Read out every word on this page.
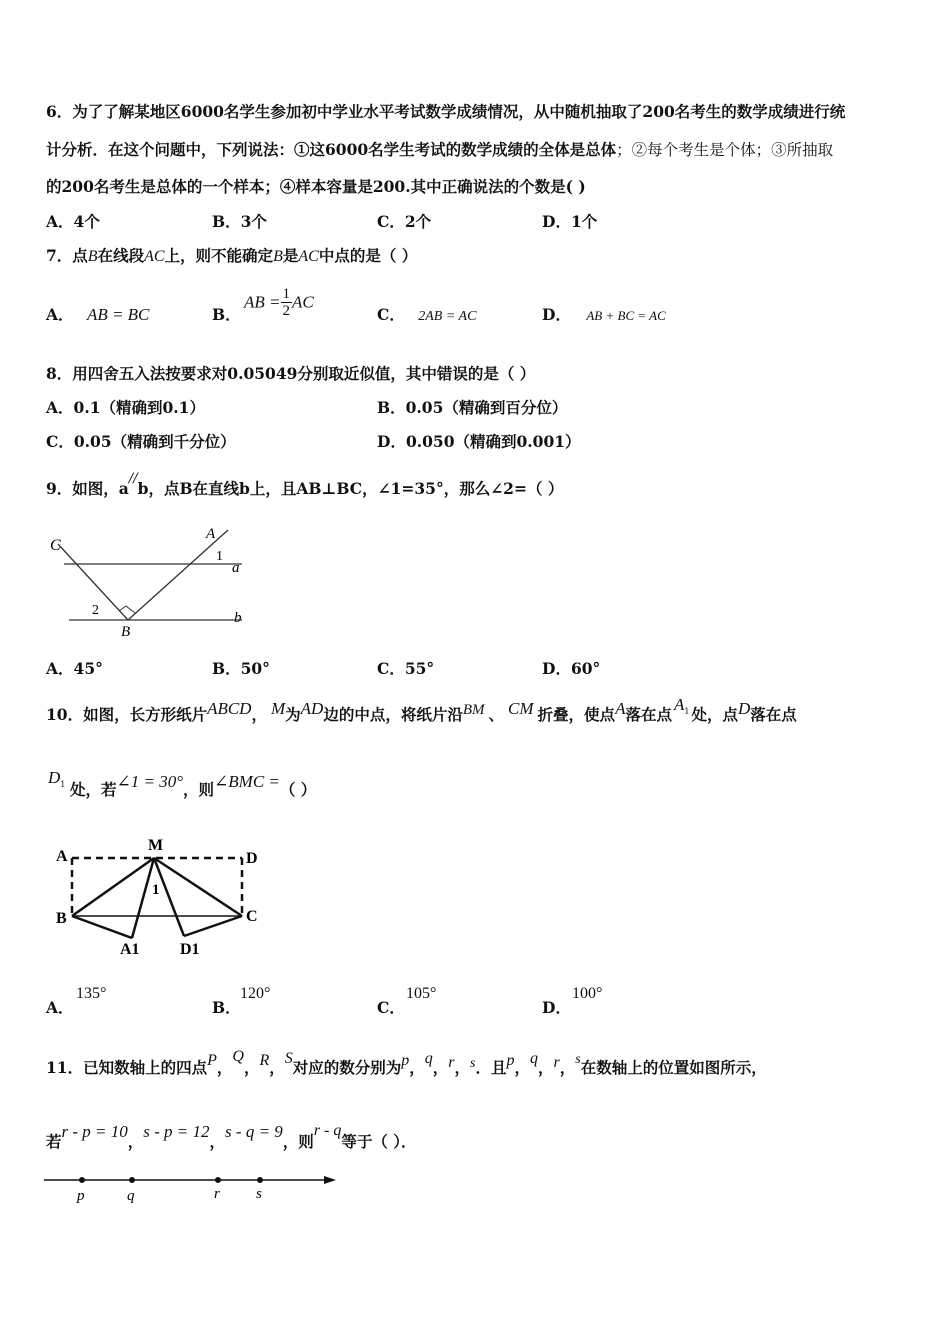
6．为了了解某地区6000名学生参加初中学业水平考试数学成绩情况，从中随机抽取了200名考生的数学成绩进行统
计分析．在这个问题中，下列说法：①这6000名学生考试的数学成绩的全体是总体；②每个考生是个体；③所抽取
的200名考生是总体的一个样本；④样本容量是200.其中正确说法的个数是( )
A．4个	B．3个	C．2个	D．1个
7．点B在线段AC上，则不能确定B是AC中点的是（ ）
A． AB = BC	B．
AB = $\frac{1}{2}$ AC
C． 2AB = AC	D． AB + BC = AC
8．用四舍五入法按要求对0.05049分别取近似值，其中错误的是（ ）
A．0.1（精确到0.1）	B．0.05（精确到百分位）
C．0.05（精确到千分位）	D．0.050（精确到0.001）
9．如图，a//b，点B在直线b上，且AB⊥BC，∠1=35°，那么∠2=（ ）
C
A
1
a
2
B
b
A．45°	B．50°	C．55°	D．60°
10．如图，长方形纸片ABCD， M为AD边的中点，将纸片沿BM 、 CM 折叠，使点A落在点$A_1$ 处，点D落在点
$D_1$ 处，若∠1 = 30°，则∠BMC =（ ）
A
M
D
1
B	C
A1	D1
A．
135°
B．
120°
C．
105°
D．
100°
11．已知数轴上的四点P，Q，R，S对应的数分别为p，q，r，s．且p，q，r，s在数轴上的位置如图所示，
若r - p = 10，s - p = 12，s - q = 9，则r - q等于（ ）．
p	q	r s
